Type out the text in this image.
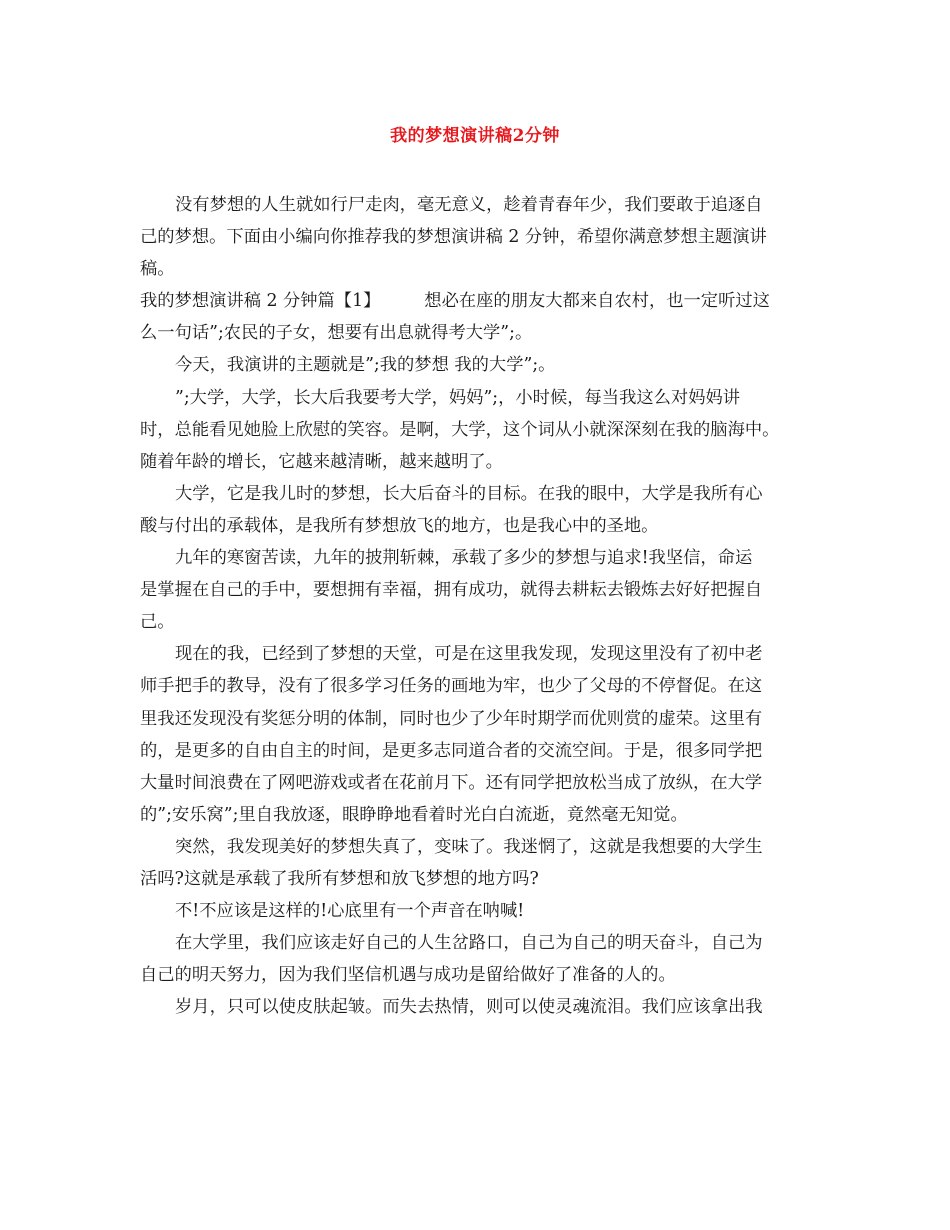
我的梦想演讲稿2分钟
没有梦想的人生就如行尸走肉，毫无意义，趁着青春年少，我们要敢于追逐自
己的梦想。下面由小编向你推荐我的梦想演讲稿 2 分钟，希望你满意梦想主题演讲
稿。
我的梦想演讲稿 2 分钟篇【1】        想必在座的朋友大都来自农村，也一定听过这
么一句话”;农民的子女，想要有出息就得考大学”;。
今天，我演讲的主题就是”;我的梦想 我的大学”;。
”;大学，大学，长大后我要考大学，妈妈”;，小时候，每当我这么对妈妈讲
时，总能看见她脸上欣慰的笑容。是啊，大学，这个词从小就深深刻在我的脑海中。
随着年龄的增长，它越来越清晰，越来越明了。
大学，它是我儿时的梦想，长大后奋斗的目标。在我的眼中，大学是我所有心
酸与付出的承载体，是我所有梦想放飞的地方，也是我心中的圣地。
九年的寒窗苦读，九年的披荆斩棘，承载了多少的梦想与追求!我坚信，命运
是掌握在自己的手中，要想拥有幸福，拥有成功，就得去耕耘去锻炼去好好把握自
己。
现在的我，已经到了梦想的天堂，可是在这里我发现，发现这里没有了初中老
师手把手的教导，没有了很多学习任务的画地为牢，也少了父母的不停督促。在这
里我还发现没有奖惩分明的体制，同时也少了少年时期学而优则赏的虚荣。这里有
的，是更多的自由自主的时间，是更多志同道合者的交流空间。于是，很多同学把
大量时间浪费在了网吧游戏或者在花前月下。还有同学把放松当成了放纵，在大学
的”;安乐窝”;里自我放逐，眼睁睁地看着时光白白流逝，竟然毫无知觉。
突然，我发现美好的梦想失真了，变味了。我迷惘了，这就是我想要的大学生
活吗?这就是承载了我所有梦想和放飞梦想的地方吗?
不!不应该是这样的!心底里有一个声音在呐喊!
在大学里，我们应该走好自己的人生岔路口，自己为自己的明天奋斗，自己为
自己的明天努力，因为我们坚信机遇与成功是留给做好了准备的人的。
岁月，只可以使皮肤起皱。而失去热情，则可以使灵魂流泪。我们应该拿出我
